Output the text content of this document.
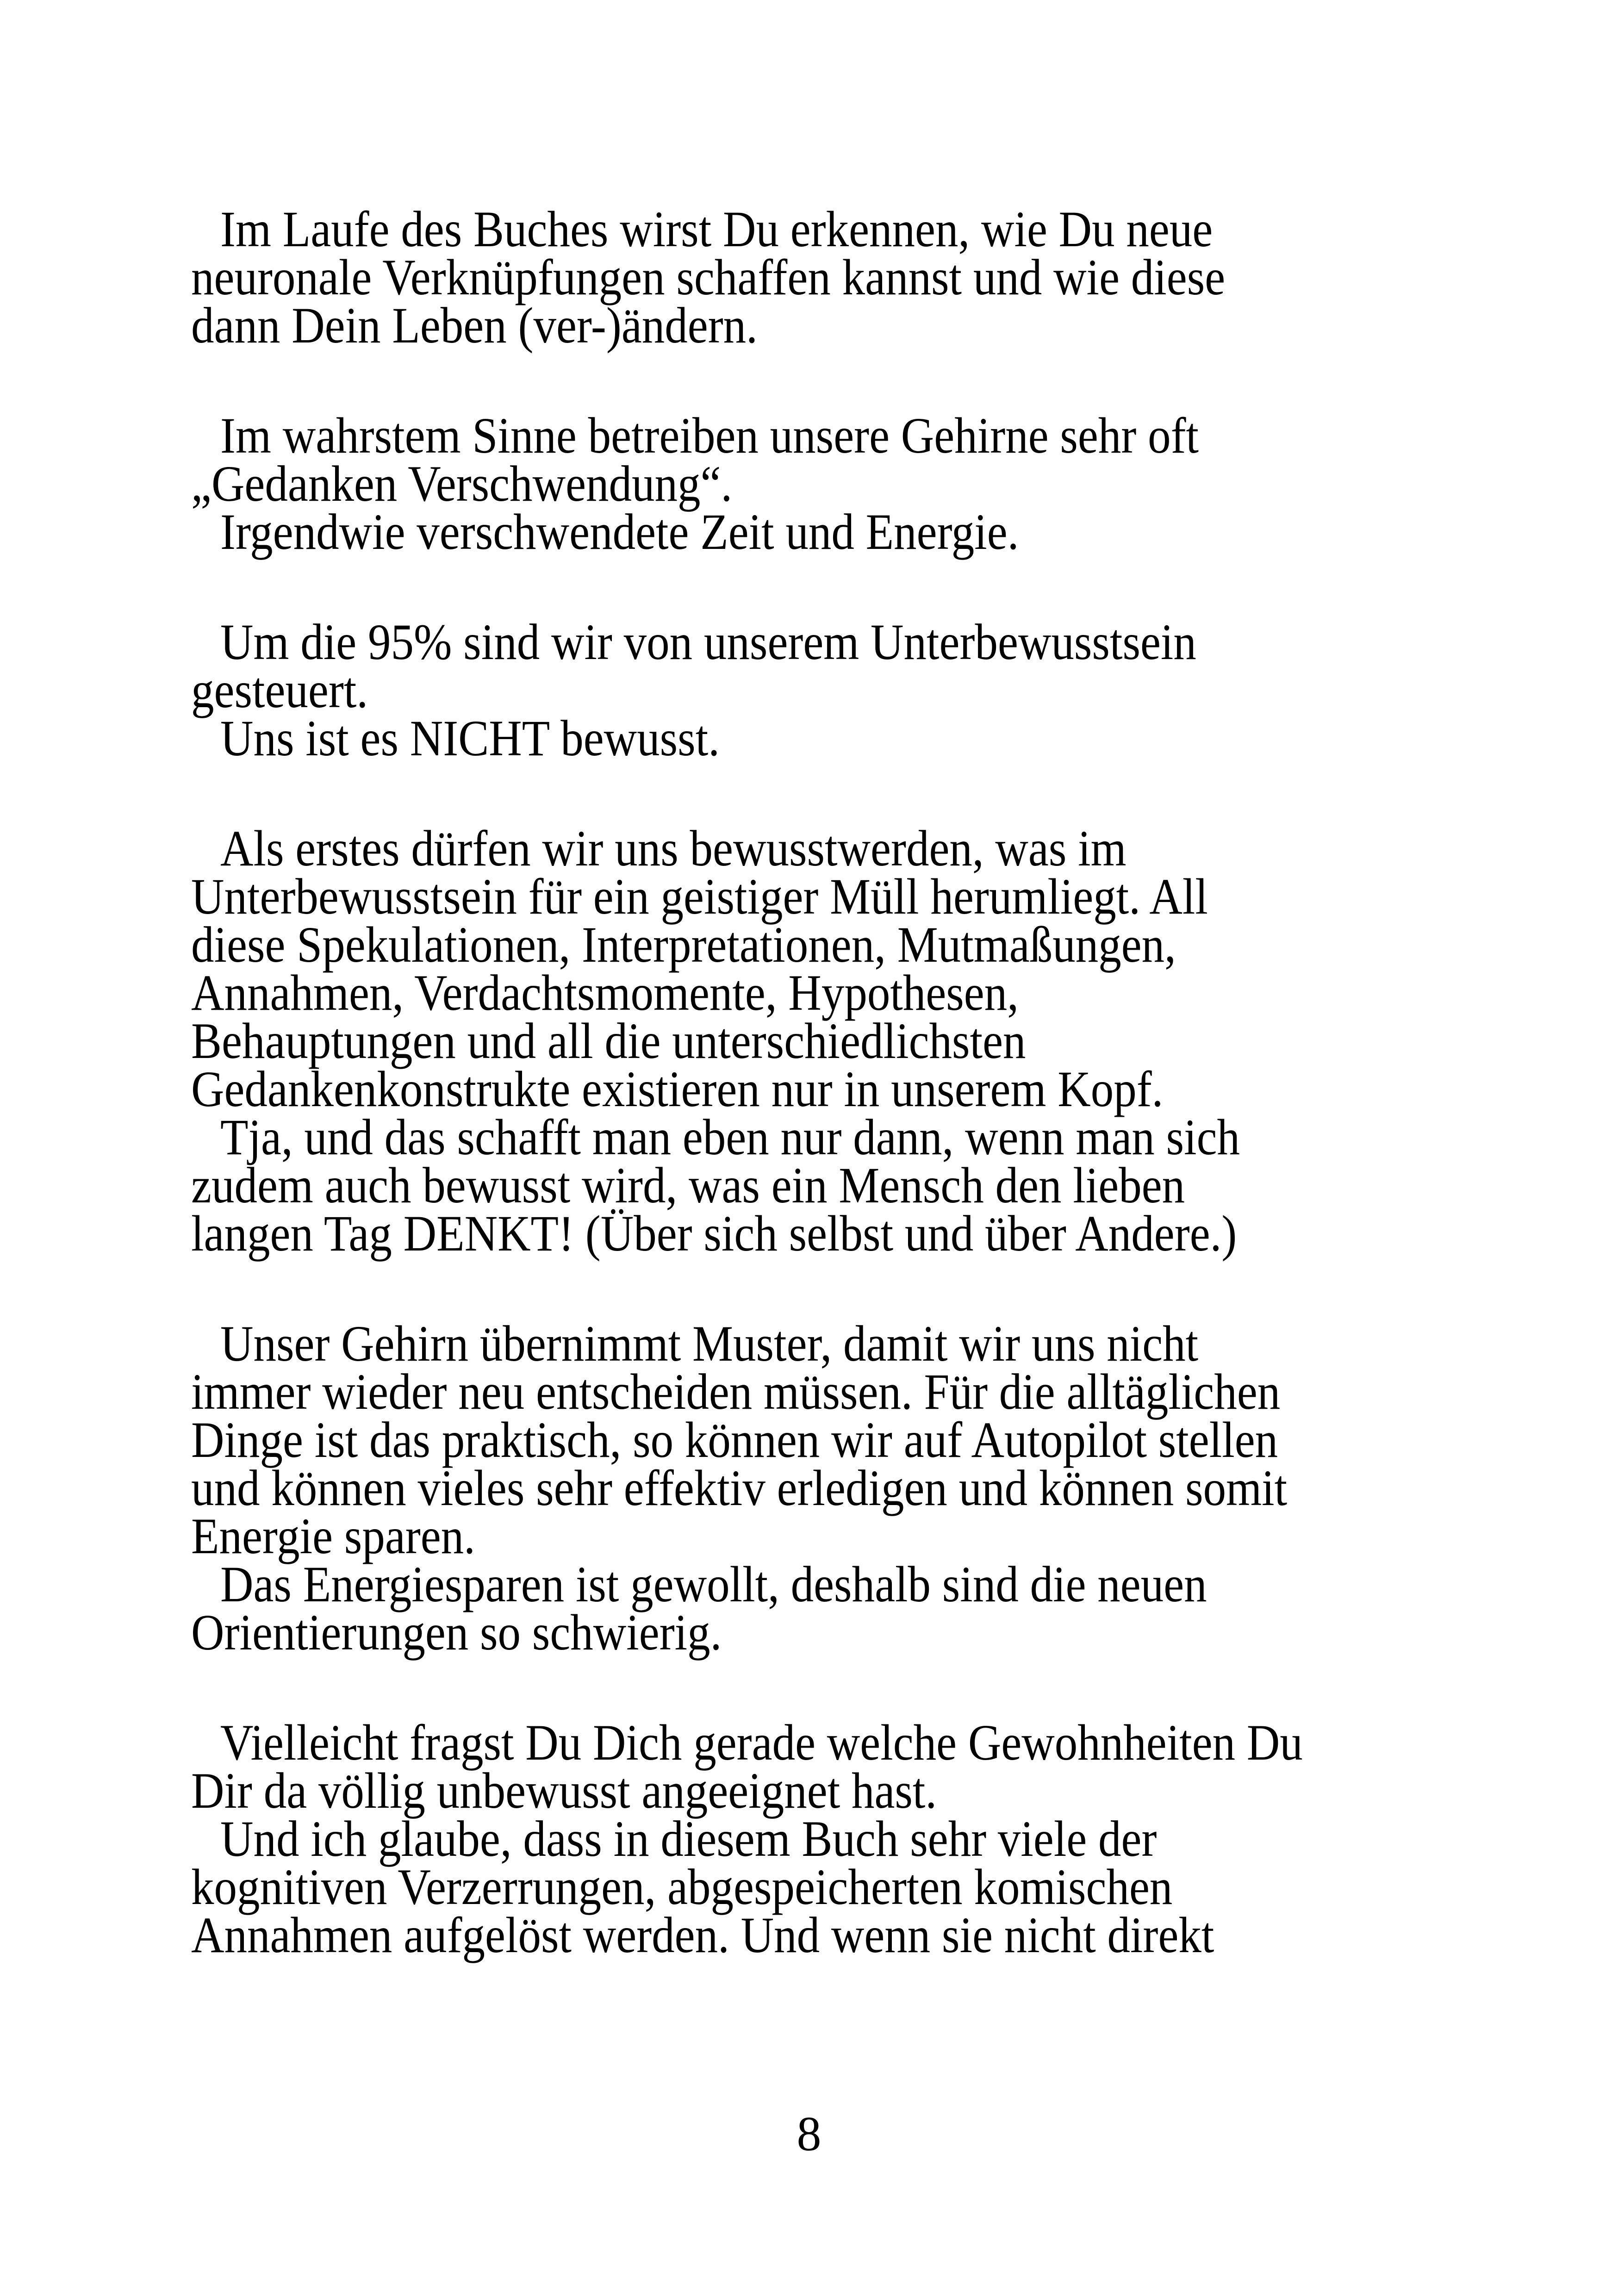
Im Laufe des Buches wirst Du erkennen, wie Du neue
neuronale Verknüpfungen schaffen kannst und wie diese
dann Dein Leben (ver-)ändern.
Im wahrstem Sinne betreiben unsere Gehirne sehr oft
„Gedanken Verschwendung“.
Irgendwie verschwendete Zeit und Energie.
Um die 95% sind wir von unserem Unterbewusstsein
gesteuert.
Uns ist es NICHT bewusst.
Als erstes dürfen wir uns bewusstwerden, was im
Unterbewusstsein für ein geistiger Müll herumliegt. All
diese Spekulationen, Interpretationen, Mutmaßungen,
Annahmen, Verdachtsmomente, Hypothesen,
Behauptungen und all die unterschiedlichsten
Gedankenkonstrukte existieren nur in unserem Kopf.
Tja, und das schafft man eben nur dann, wenn man sich
zudem auch bewusst wird, was ein Mensch den lieben
langen Tag DENKT! (Über sich selbst und über Andere.)
Unser Gehirn übernimmt Muster, damit wir uns nicht
immer wieder neu entscheiden müssen. Für die alltäglichen
Dinge ist das praktisch, so können wir auf Autopilot stellen
und können vieles sehr effektiv erledigen und können somit
Energie sparen.
Das Energiesparen ist gewollt, deshalb sind die neuen
Orientierungen so schwierig.
Vielleicht fragst Du Dich gerade welche Gewohnheiten Du
Dir da völlig unbewusst angeeignet hast.
Und ich glaube, dass in diesem Buch sehr viele der
kognitiven Verzerrungen, abgespeicherten komischen
Annahmen aufgelöst werden. Und wenn sie nicht direkt
8
